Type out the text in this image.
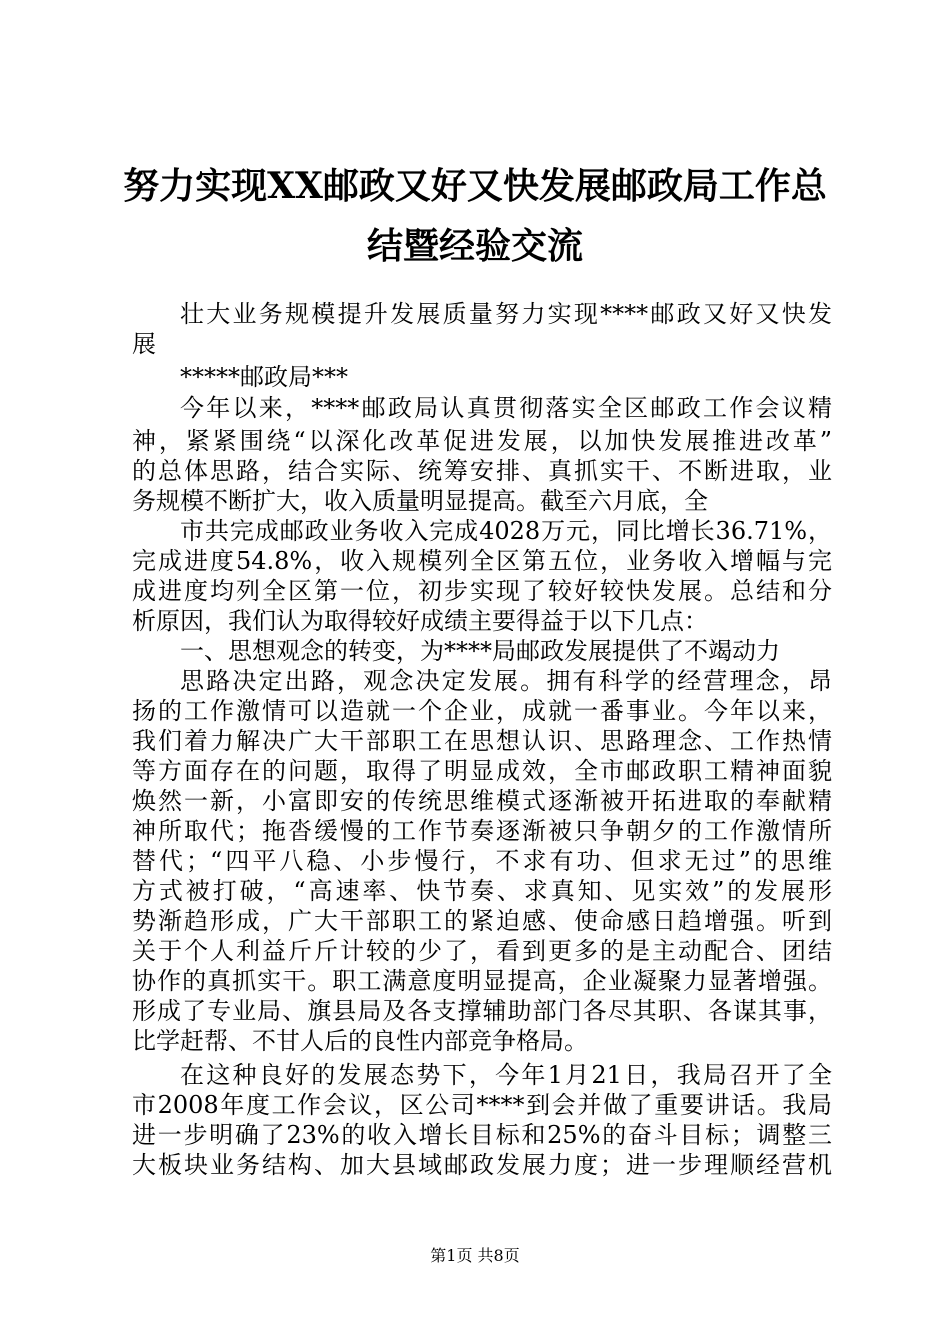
努力实现XX邮政又好又快发展邮政局工作总
结暨经验交流

壮大业务规模提升发展质量努力实现****邮政又好又快发

展

*****邮政局***

今年以来，****邮政局认真贯彻落实全区邮政工作会议精

神，紧紧围绕“以深化改革促进发展，以加快发展推进改革”

的总体思路，结合实际、统筹安排、真抓实干、不断进取，业

务规模不断扩大，收入质量明显提高。截至六月底，全

市共完成邮政业务收入完成4028万元，同比增长36.71%，

完成进度54.8%，收入规模列全区第五位，业务收入增幅与完

成进度均列全区第一位，初步实现了较好较快发展。总结和分

析原因，我们认为取得较好成绩主要得益于以下几点：

一、思想观念的转变，为****局邮政发展提供了不竭动力

思路决定出路，观念决定发展。拥有科学的经营理念，昂

扬的工作激情可以造就一个企业，成就一番事业。今年以来，

我们着力解决广大干部职工在思想认识、思路理念、工作热情

等方面存在的问题，取得了明显成效，全市邮政职工精神面貌

焕然一新，小富即安的传统思维模式逐渐被开拓进取的奉献精

神所取代；拖沓缓慢的工作节奏逐渐被只争朝夕的工作激情所

替代；“四平八稳、小步慢行，不求有功、但求无过”的思维

方式被打破，“高速率、快节奏、求真知、见实效”的发展形

势渐趋形成，广大干部职工的紧迫感、使命感日趋增强。听到

关于个人利益斤斤计较的少了，看到更多的是主动配合、团结

协作的真抓实干。职工满意度明显提高，企业凝聚力显著增强。

形成了专业局、旗县局及各支撑辅助部门各尽其职、各谋其事，

比学赶帮、不甘人后的良性内部竞争格局。

在这种良好的发展态势下，今年1月21日，我局召开了全

市2008年度工作会议，区公司****到会并做了重要讲话。我局

进一步明确了23%的收入增长目标和25%的奋斗目标；调整三

大板块业务结构、加大县域邮政发展力度；进一步理顺经营机

第1页 共8页
